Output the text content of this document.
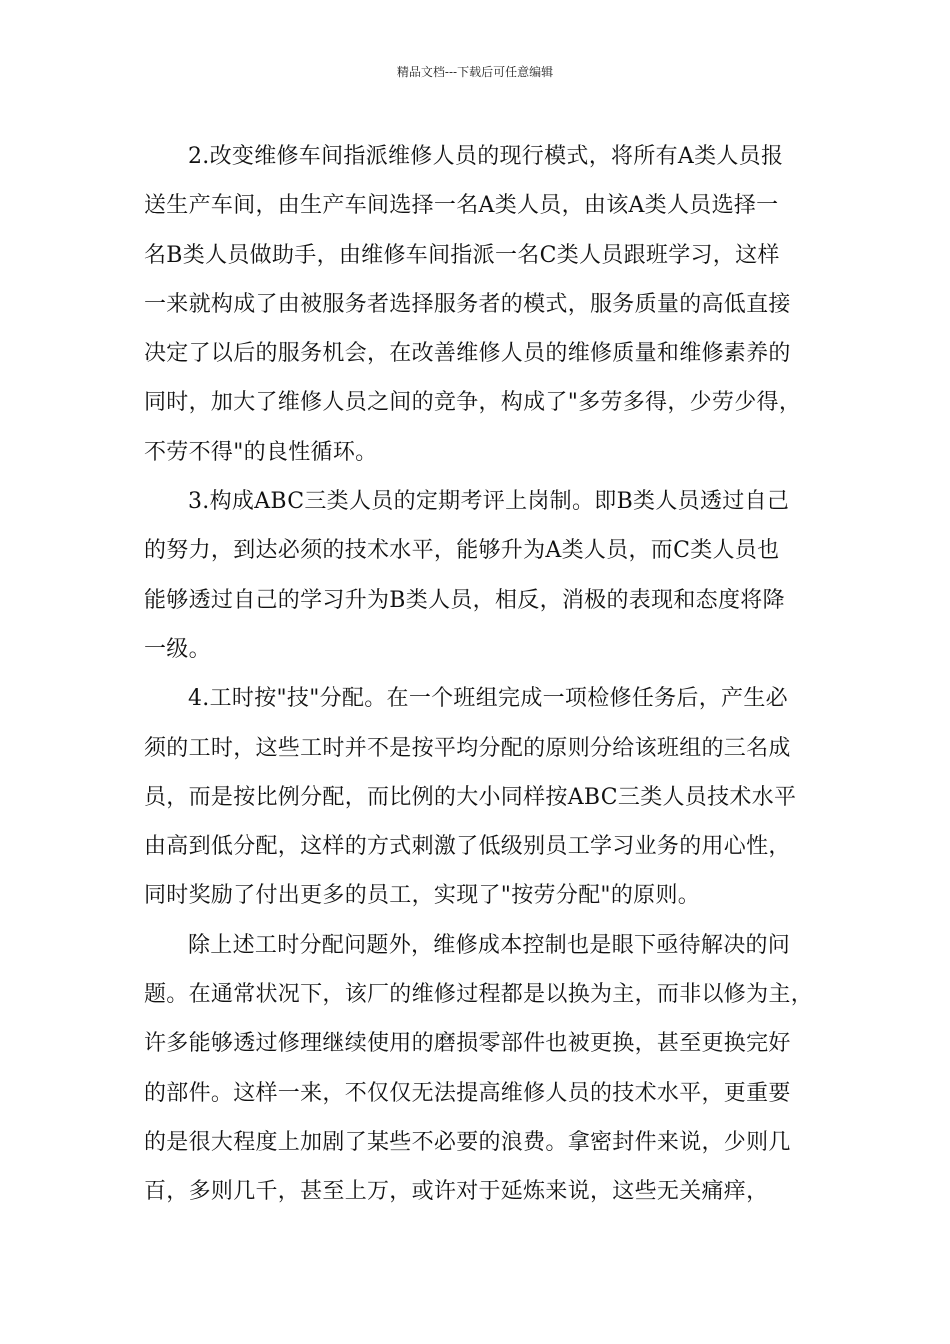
精品文档---下载后可任意编辑
2.改变维修车间指派维修人员的现行模式，将所有A类人员报
送生产车间，由生产车间选择一名A类人员，由该A类人员选择一
名B类人员做助手，由维修车间指派一名C类人员跟班学习，这样
一来就构成了由被服务者选择服务者的模式，服务质量的高低直接
决定了以后的服务机会，在改善维修人员的维修质量和维修素养的
同时，加大了维修人员之间的竞争，构成了"多劳多得，少劳少得，
不劳不得"的良性循环。
3.构成ABC三类人员的定期考评上岗制。即B类人员透过自己
的努力，到达必须的技术水平，能够升为A类人员，而C类人员也
能够透过自己的学习升为B类人员，相反，消极的表现和态度将降
一级。
4.工时按"技"分配。在一个班组完成一项检修任务后，产生必
须的工时，这些工时并不是按平均分配的原则分给该班组的三名成
员，而是按比例分配，而比例的大小同样按ABC三类人员技术水平
由高到低分配，这样的方式刺激了低级别员工学习业务的用心性，
同时奖励了付出更多的员工，实现了"按劳分配"的原则。
除上述工时分配问题外，维修成本控制也是眼下亟待解决的问
题。在通常状况下，该厂的维修过程都是以换为主，而非以修为主，
许多能够透过修理继续使用的磨损零部件也被更换，甚至更换完好
的部件。这样一来，不仅仅无法提高维修人员的技术水平，更重要
的是很大程度上加剧了某些不必要的浪费。拿密封件来说，少则几
百，多则几千，甚至上万，或许对于延炼来说，这些无关痛痒，
